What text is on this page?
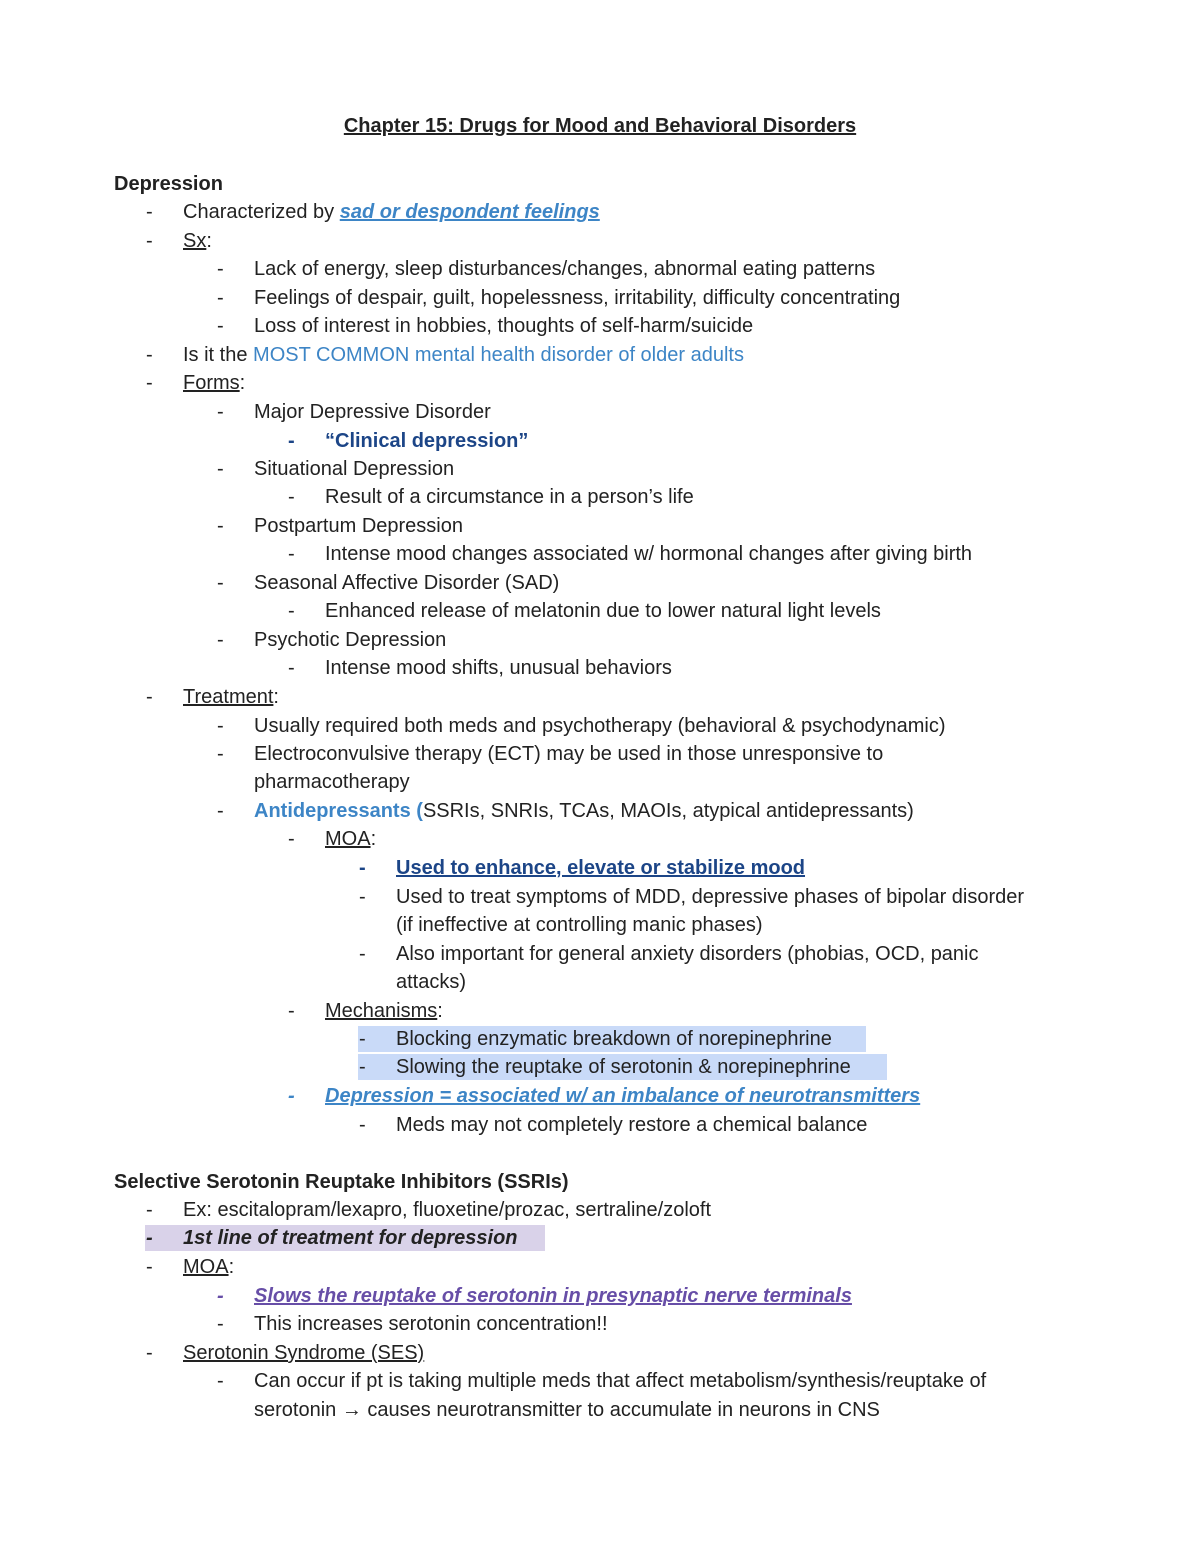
Chapter 15: Drugs for Mood and Behavioral Disorders
Depression
- Characterized by sad or despondent feelings
- Sx:
- Lack of energy, sleep disturbances/changes, abnormal eating patterns
- Feelings of despair, guilt, hopelessness, irritability, difficulty concentrating
- Loss of interest in hobbies, thoughts of self-harm/suicide
- Is it the MOST COMMON mental health disorder of older adults
- Forms:
- Major Depressive Disorder
- “Clinical depression”
- Situational Depression
- Result of a circumstance in a person’s life
- Postpartum Depression
- Intense mood changes associated w/ hormonal changes after giving birth
- Seasonal Affective Disorder (SAD)
- Enhanced release of melatonin due to lower natural light levels
- Psychotic Depression
- Intense mood shifts, unusual behaviors
- Treatment:
- Usually required both meds and psychotherapy (behavioral & psychodynamic)
- Electroconvulsive therapy (ECT) may be used in those unresponsive to
pharmacotherapy
- Antidepressants (SSRIs, SNRIs, TCAs, MAOIs, atypical antidepressants)
- MOA:
- Used to enhance, elevate or stabilize mood
- Used to treat symptoms of MDD, depressive phases of bipolar disorder
(if ineffective at controlling manic phases)
- Also important for general anxiety disorders (phobias, OCD, panic
attacks)
- Mechanisms:
- Blocking enzymatic breakdown of norepinephrine
- Slowing the reuptake of serotonin & norepinephrine
- Depression = associated w/ an imbalance of neurotransmitters
- Meds may not completely restore a chemical balance
Selective Serotonin Reuptake Inhibitors (SSRIs)
- Ex: escitalopram/lexapro, fluoxetine/prozac, sertraline/zoloft
- 1st line of treatment for depression
- MOA:
- Slows the reuptake of serotonin in presynaptic nerve terminals
- This increases serotonin concentration!!
- Serotonin Syndrome (SES)
- Can occur if pt is taking multiple meds that affect metabolism/synthesis/reuptake of
serotonin → causes neurotransmitter to accumulate in neurons in CNS
